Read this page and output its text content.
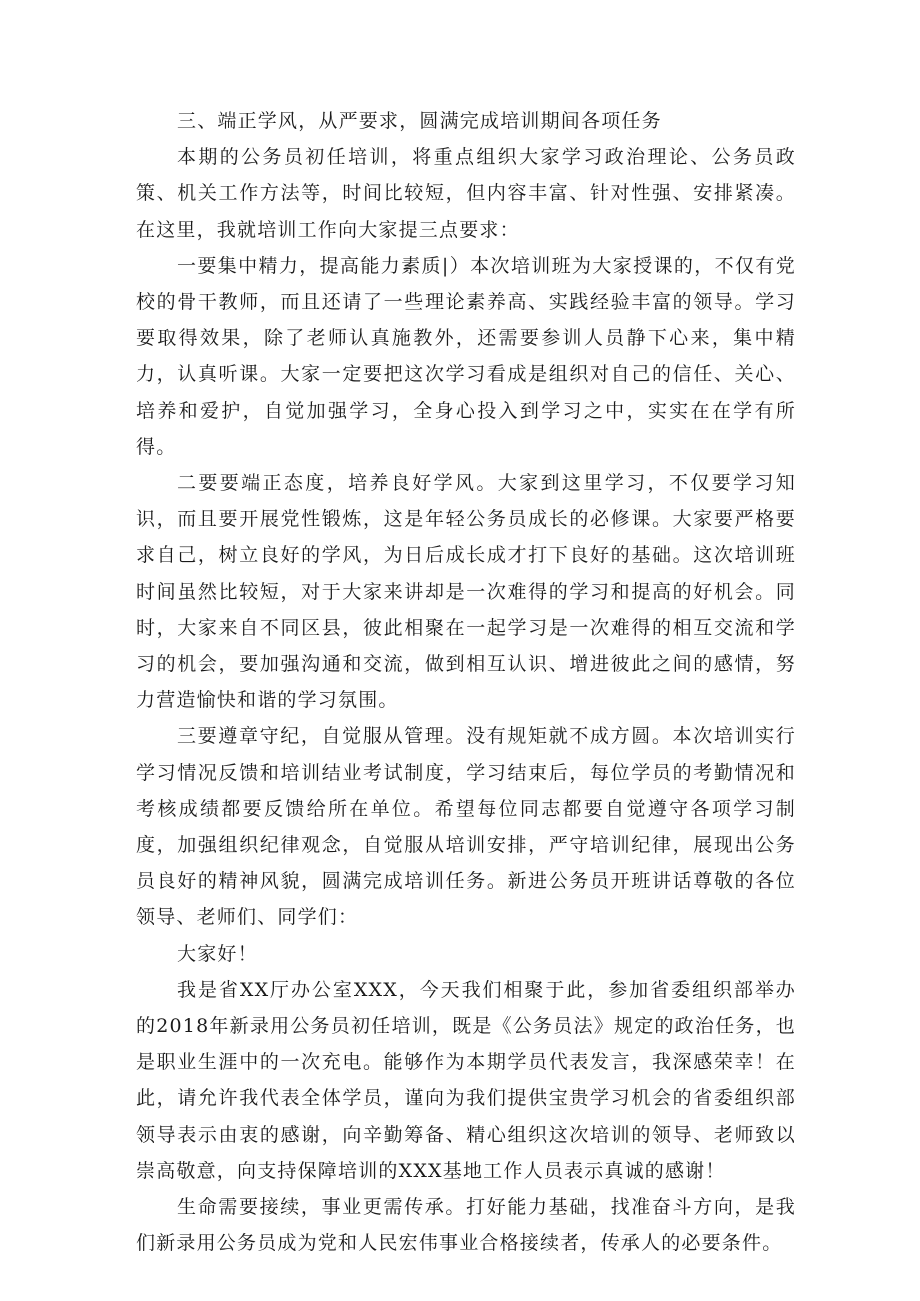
三、端正学风，从严要求，圆满完成培训期间各项任务

本期的公务员初任培训，将重点组织大家学习政治理论、公务员政策、机关工作方法等，时间比较短，但内容丰富、针对性强、安排紧凑。在这里，我就培训工作向大家提三点要求：

一要集中精力，提高能力素质|）本次培训班为大家授课的，不仅有党校的骨干教师，而且还请了一些理论素养高、实践经验丰富的领导。学习要取得效果，除了老师认真施教外，还需要参训人员静下心来，集中精力，认真听课。大家一定要把这次学习看成是组织对自己的信任、关心、培养和爱护，自觉加强学习，全身心投入到学习之中，实实在在学有所得。

二要要端正态度，培养良好学风。大家到这里学习，不仅要学习知识，而且要开展党性锻炼，这是年轻公务员成长的必修课。大家要严格要求自己，树立良好的学风，为日后成长成才打下良好的基础。这次培训班时间虽然比较短，对于大家来讲却是一次难得的学习和提高的好机会。同时，大家来自不同区县，彼此相聚在一起学习是一次难得的相互交流和学习的机会，要加强沟通和交流，做到相互认识、增进彼此之间的感情，努力营造愉快和谐的学习氛围。

三要遵章守纪，自觉服从管理。没有规矩就不成方圆。本次培训实行学习情况反馈和培训结业考试制度，学习结束后，每位学员的考勤情况和考核成绩都要反馈给所在单位。希望每位同志都要自觉遵守各项学习制度，加强组织纪律观念，自觉服从培训安排，严守培训纪律，展现出公务员良好的精神风貌，圆满完成培训任务。新进公务员开班讲话尊敬的各位领导、老师们、同学们：

大家好！

我是省XX厅办公室XXX，今天我们相聚于此，参加省委组织部举办的2018年新录用公务员初任培训，既是《公务员法》规定的政治任务，也是职业生涯中的一次充电。能够作为本期学员代表发言，我深感荣幸！在此，请允许我代表全体学员，谨向为我们提供宝贵学习机会的省委组织部领导表示由衷的感谢，向辛勤筹备、精心组织这次培训的领导、老师致以崇高敬意，向支持保障培训的XXX基地工作人员表示真诚的感谢！

生命需要接续，事业更需传承。打好能力基础，找准奋斗方向，是我们新录用公务员成为党和人民宏伟事业合格接续者，传承人的必要条件。
